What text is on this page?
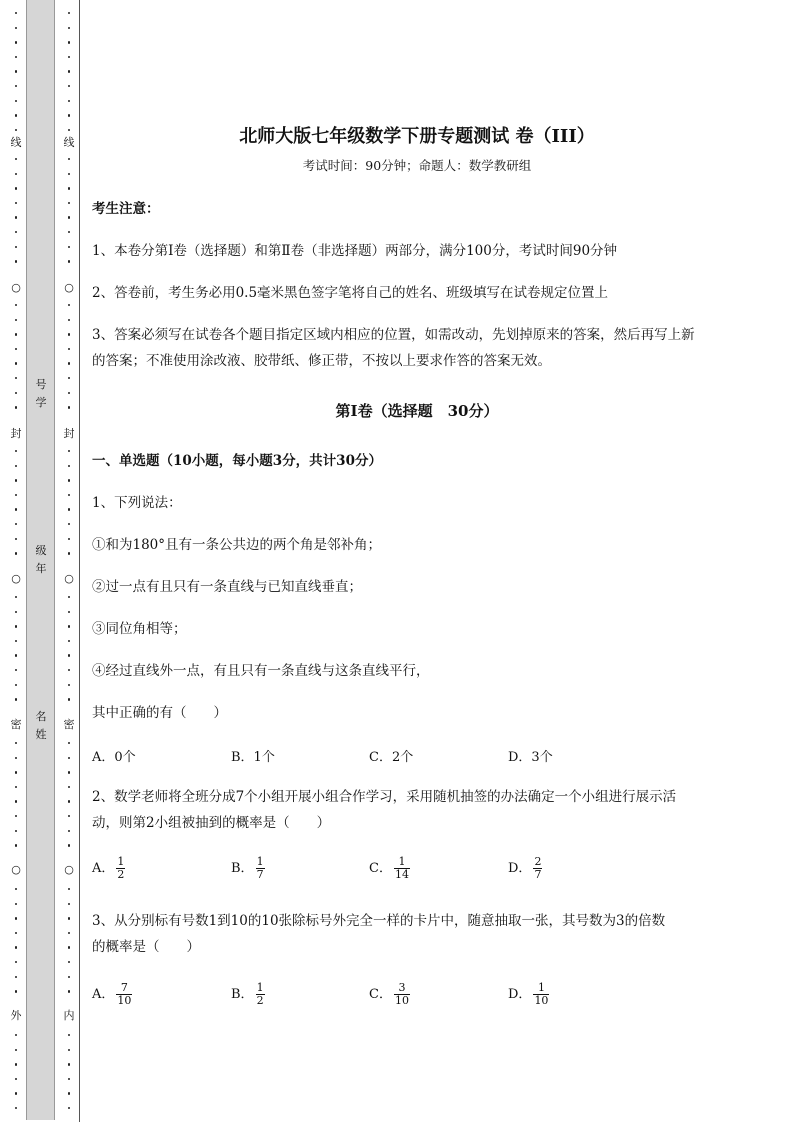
线
○
封
○
密
○
外
号学
级年
名姓
线
○
封
○
密
○
内
北师大版七年级数学下册专题测试 卷（III）
考试时间：90分钟；命题人：数学教研组
考生注意：
1、本卷分第I卷（选择题）和第Ⅱ卷（非选择题）两部分，满分100分，考试时间90分钟
2、答卷前，考生务必用0.5毫米黑色签字笔将自己的姓名、班级填写在试卷规定位置上
3、答案必须写在试卷各个题目指定区域内相应的位置，如需改动，先划掉原来的答案，然后再写上新
的答案；不准使用涂改液、胶带纸、修正带，不按以上要求作答的答案无效。
第I卷（选择题　30分）
一、单选题（10小题，每小题3分，共计30分）
1、下列说法：
①和为180°且有一条公共边的两个角是邻补角；
②过一点有且只有一条直线与已知直线垂直；
③同位角相等；
④经过直线外一点，有且只有一条直线与这条直线平行，
其中正确的有（　　）
A．0个	B．1个	C．2个	D．3个
2、数学老师将全班分成7个小组开展小组合作学习，采用随机抽签的办法确定一个小组进行展示活
动，则第2小组被抽到的概率是（　　）
A． $\frac{1}{2}$	B． $\frac{1}{7}$	C． $\frac{1}{14}$	D． $\frac{2}{7}$
3、从分别标有号数1到10的10张除标号外完全一样的卡片中，随意抽取一张，其号数为3的倍数
的概率是（　　）
A． $\frac{7}{10}$	B． $\frac{1}{2}$	C． $\frac{3}{10}$	D． $\frac{1}{10}$
